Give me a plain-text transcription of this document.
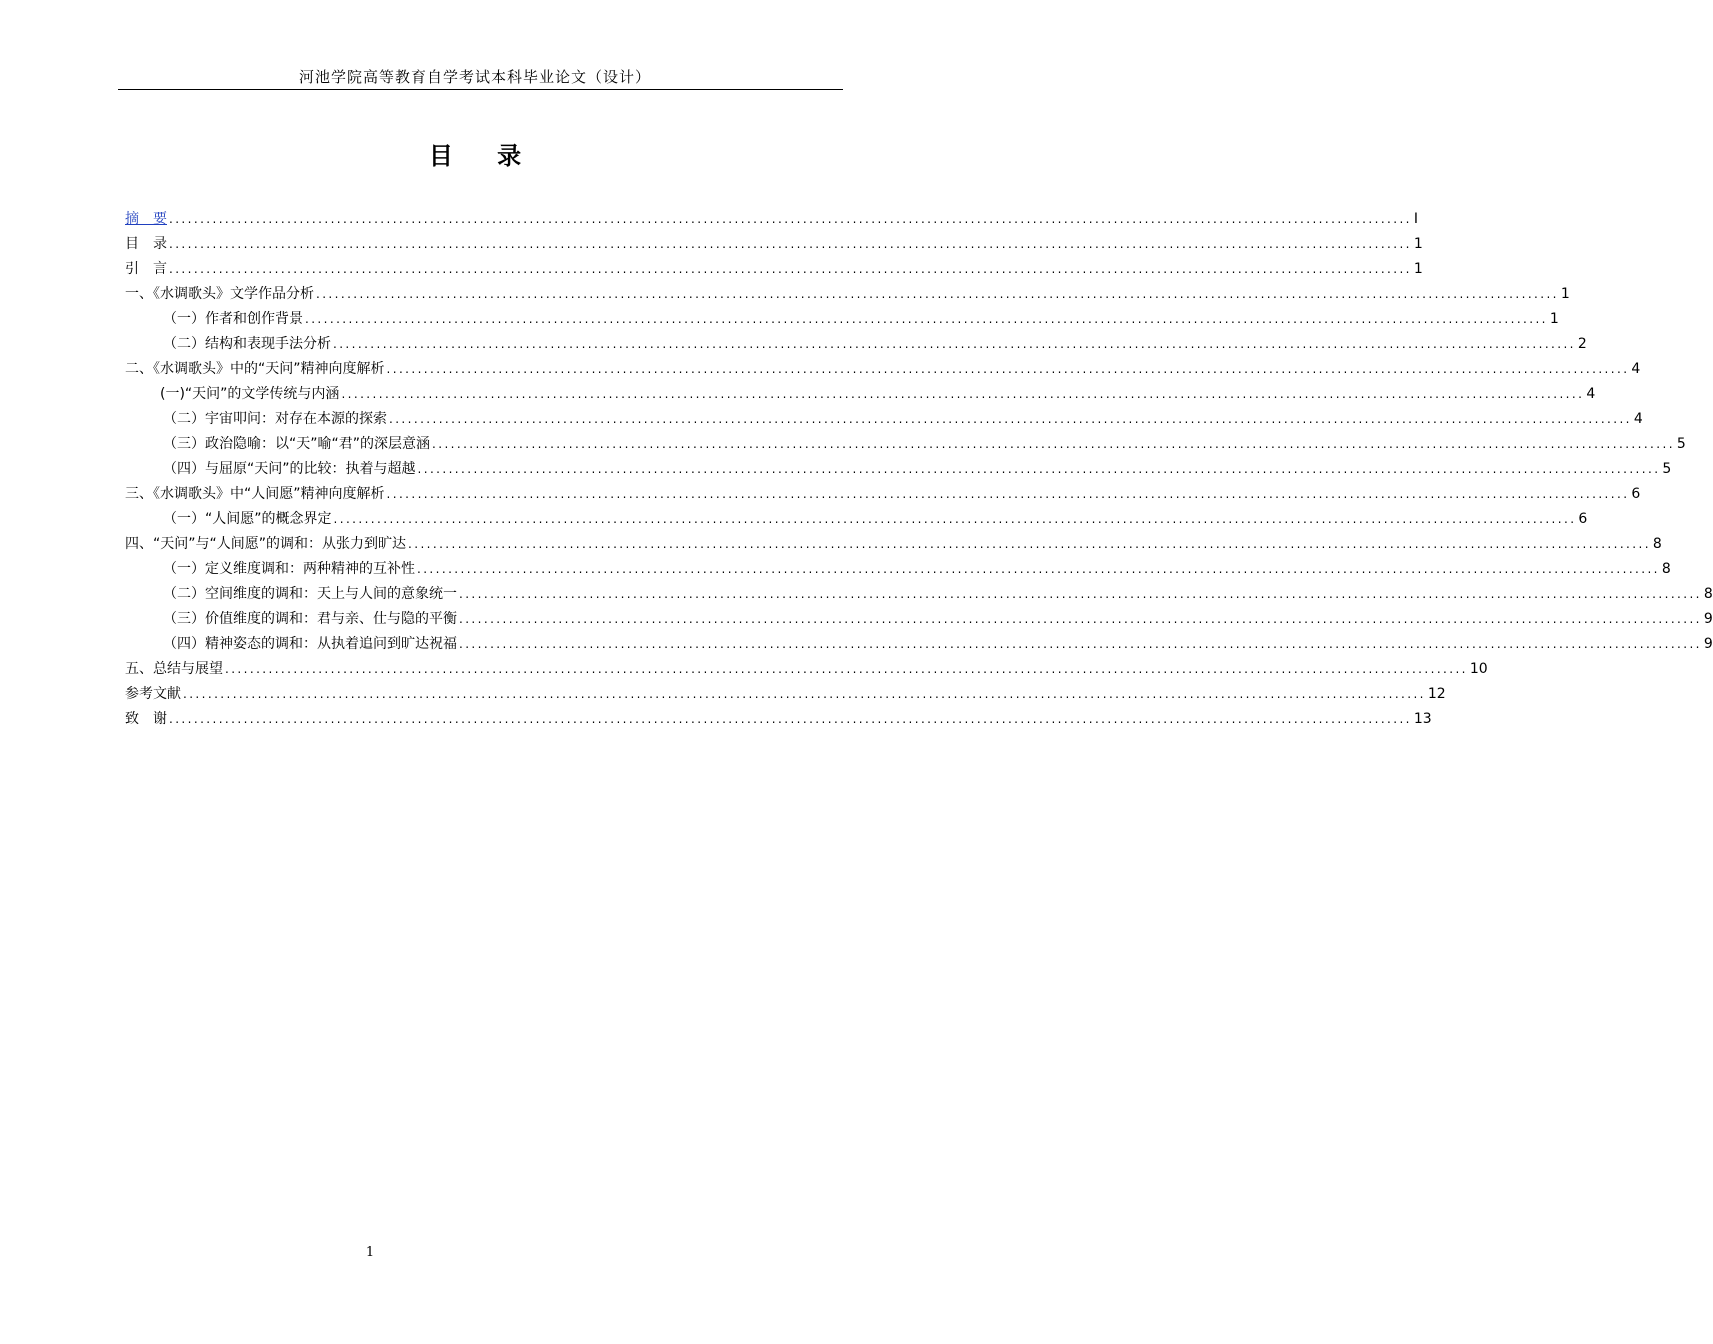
河池学院高等教育自学考试本科毕业论文（设计）
目 录
摘　要 ........................................................................................................................................................................................................ I
目　录 ........................................................................................................................................................................................................ 1
引　言 ........................................................................................................................................................................................................ 1
一、《水调歌头》文学作品分析 ........................................................................................................................................................................................................ 1
（一）作者和创作背景 ........................................................................................................................................................................................................ 1
（二）结构和表现手法分析 ........................................................................................................................................................................................................ 2
二、《水调歌头》中的“天问”精神向度解析 ........................................................................................................................................................................................................ 4
(一)“天问”的文学传统与内涵 ........................................................................................................................................................................................................ 4
（二）宇宙叩问：对存在本源的探索 ........................................................................................................................................................................................................ 4
（三）政治隐喻：以“天”喻“君”的深层意涵 ........................................................................................................................................................................................................ 5
（四）与屈原“天问”的比较：执着与超越 ........................................................................................................................................................................................................ 5
三、《水调歌头》中“人间愿”精神向度解析 ........................................................................................................................................................................................................ 6
（一）“人间愿”的概念界定 ........................................................................................................................................................................................................ 6
四、“天问”与“人间愿”的调和：从张力到旷达 ........................................................................................................................................................................................................ 8
（一）定义维度调和：两种精神的互补性 ........................................................................................................................................................................................................ 8
（二）空间维度的调和：天上与人间的意象统一 ........................................................................................................................................................................................................ 8
（三）价值维度的调和：君与亲、仕与隐的平衡 ........................................................................................................................................................................................................ 9
（四）精神姿态的调和：从执着追问到旷达祝福 ........................................................................................................................................................................................................ 9
五、总结与展望 ........................................................................................................................................................................................................ 10
参考文献 ........................................................................................................................................................................................................ 12
致　谢 ........................................................................................................................................................................................................ 13
1
